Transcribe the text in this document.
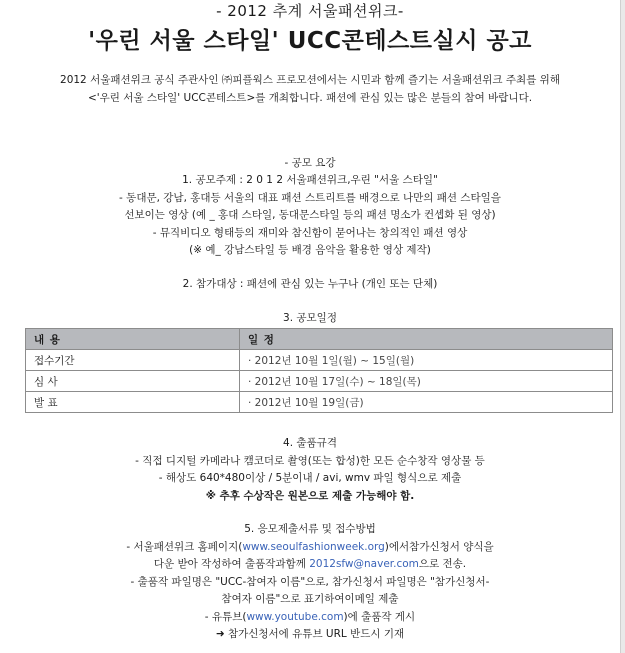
- 2012 추계 서울패션위크-
'우린 서울 스타일' UCC콘테스트실시 공고
2012 서울패션위크 공식 주관사인 ㈜피플웍스 프로모션에서는 시민과 함께 즐기는 서울패션위크 주최를 위해
<'우린 서울 스타일' UCC콘테스트>를 개최합니다. 패션에 관심 있는 많은 분들의 참여 바랍니다.
- 공모 요강
1. 공모주제 : 2 0 1 2 서울패션위크,우린 "서울 스타일"
- 동대문, 강남, 홍대등 서울의 대표 패션 스트리트를 배경으로 나만의 패션 스타일을
선보이는 영상 (예 _ 홍대 스타일, 동대문스타일 등의 패션 명소가 컨셉화 된 영상)
- 뮤직비디오 형태등의 재미와 참신함이 묻어나는 창의적인 패션 영상
(※ 예_ 강남스타일 등 배경 음악을 활용한 영상 제작)
2. 참가대상 : 패션에 관심 있는 누구나 (개인 또는 단체)
3. 공모일정
내 용	일 정
접수기간	· 2012년 10월 1일(월) ~ 15일(월)
심 사	· 2012년 10월 17일(수) ~ 18일(목)
발 표	· 2012년 10월 19일(금)
4. 출품규격
- 직접 디지털 카메라나 캠코더로 촬영(또는 합성)한 모든 순수창작 영상물 등
- 해상도 640*480이상 / 5분이내 / avi, wmv 파일 형식으로 제출
※ 추후 수상작은 원본으로 제출 가능해야 함.
5. 응모제출서류 및 접수방법
- 서울패션위크 홈페이지(www.seoulfashionweek.org)에서참가신청서 양식을
다운 받아 작성하여 출품작과함께 2012sfw@naver.com으로 전송.
- 출품작 파일명은 "UCC-참여자 이름"으로, 참가신청서 파일명은 "참가신청서-
참여자 이름"으로 표기하여이메일 제출
- 유튜브(www.youtube.com)에 출품작 게시
➜ 참가신청서에 유튜브 URL 반드시 기재
